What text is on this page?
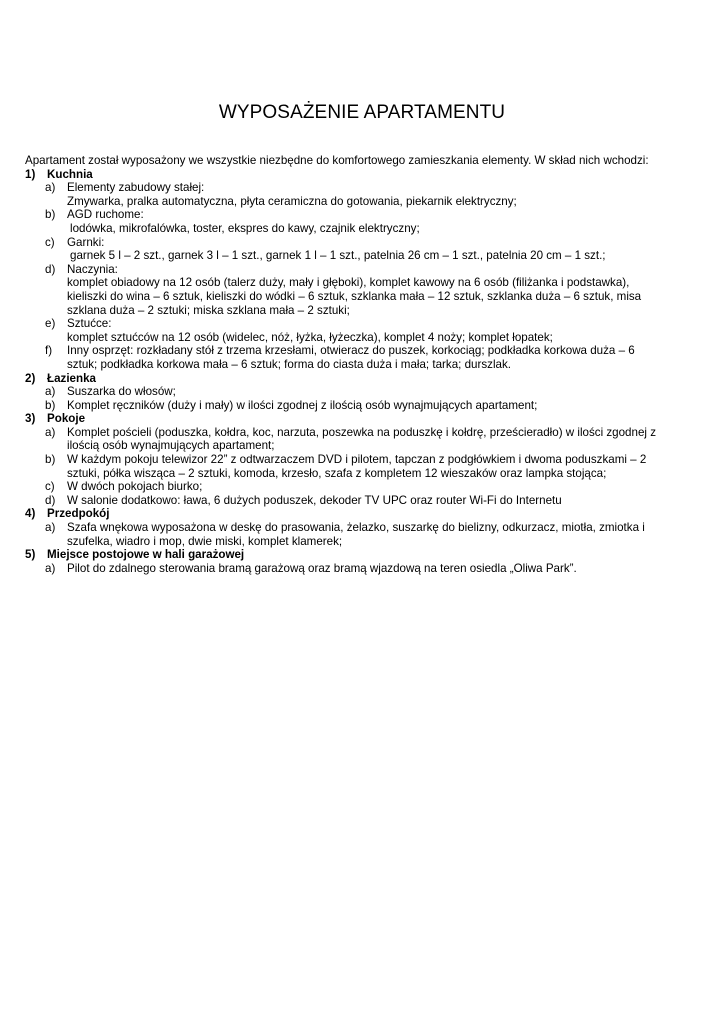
WYPOSAŻENIE APARTAMENTU
Apartament został wyposażony we wszystkie niezbędne do komfortowego zamieszkania elementy. W skład nich wchodzi:
1)	Kuchnia
a)	Elementy zabudowy stałej:
Zmywarka, pralka automatyczna, płyta ceramiczna do gotowania, piekarnik elektryczny;
b)	AGD ruchome:
lodówka, mikrofalówka, toster, ekspres do kawy, czajnik elektryczny;
c)	Garnki:
garnek 5 l – 2 szt., garnek 3 l – 1 szt., garnek 1 l – 1 szt., patelnia 26 cm – 1 szt., patelnia 20 cm – 1 szt.;
d)	Naczynia:
komplet obiadowy na 12 osób (talerz duży, mały i głęboki), komplet kawowy na 6 osób (filiżanka i podstawka),
kieliszki do wina – 6 sztuk, kieliszki do wódki – 6 sztuk, szklanka mała – 12 sztuk, szklanka duża – 6 sztuk, misa
szklana duża – 2 sztuki; miska szklana mała – 2 sztuki;
e)	Sztućce:
komplet sztućców na 12 osób (widelec, nóż, łyżka, łyżeczka), komplet 4 noży; komplet łopatek;
f)	Inny osprzęt: rozkładany stół z trzema krzesłami, otwieracz do puszek, korkociąg; podkładka korkowa duża – 6
sztuk; podkładka korkowa mała – 6 sztuk; forma do ciasta duża i mała; tarka; durszlak.
2)	Łazienka
a)	Suszarka do włosów;
b)	Komplet ręczników (duży i mały) w ilości zgodnej z ilością osób wynajmujących apartament;
3)	Pokoje
a)	Komplet pościeli (poduszka, kołdra, koc, narzuta, poszewka na poduszkę i kołdrę, prześcieradło) w ilości zgodnej z
ilością osób wynajmujących apartament;
b)	W każdym pokoju telewizor 22” z odtwarzaczem DVD i pilotem, tapczan z podgłówkiem i dwoma poduszkami – 2
sztuki, półka wisząca – 2 sztuki, komoda, krzesło, szafa z kompletem 12 wieszaków oraz lampka stojąca;
c)	W dwóch pokojach biurko;
d)	W salonie dodatkowo: ława, 6 dużych poduszek, dekoder TV UPC oraz router Wi-Fi do Internetu
4)	Przedpokój
a)	Szafa wnękowa wyposażona w deskę do prasowania, żelazko, suszarkę do bielizny, odkurzacz, miotła, zmiotka i
szufelka, wiadro i mop, dwie miski, komplet klamerek;
5)	Miejsce postojowe w hali garażowej
a)	Pilot do zdalnego sterowania bramą garażową oraz bramą wjazdową na teren osiedla „Oliwa Park”.
